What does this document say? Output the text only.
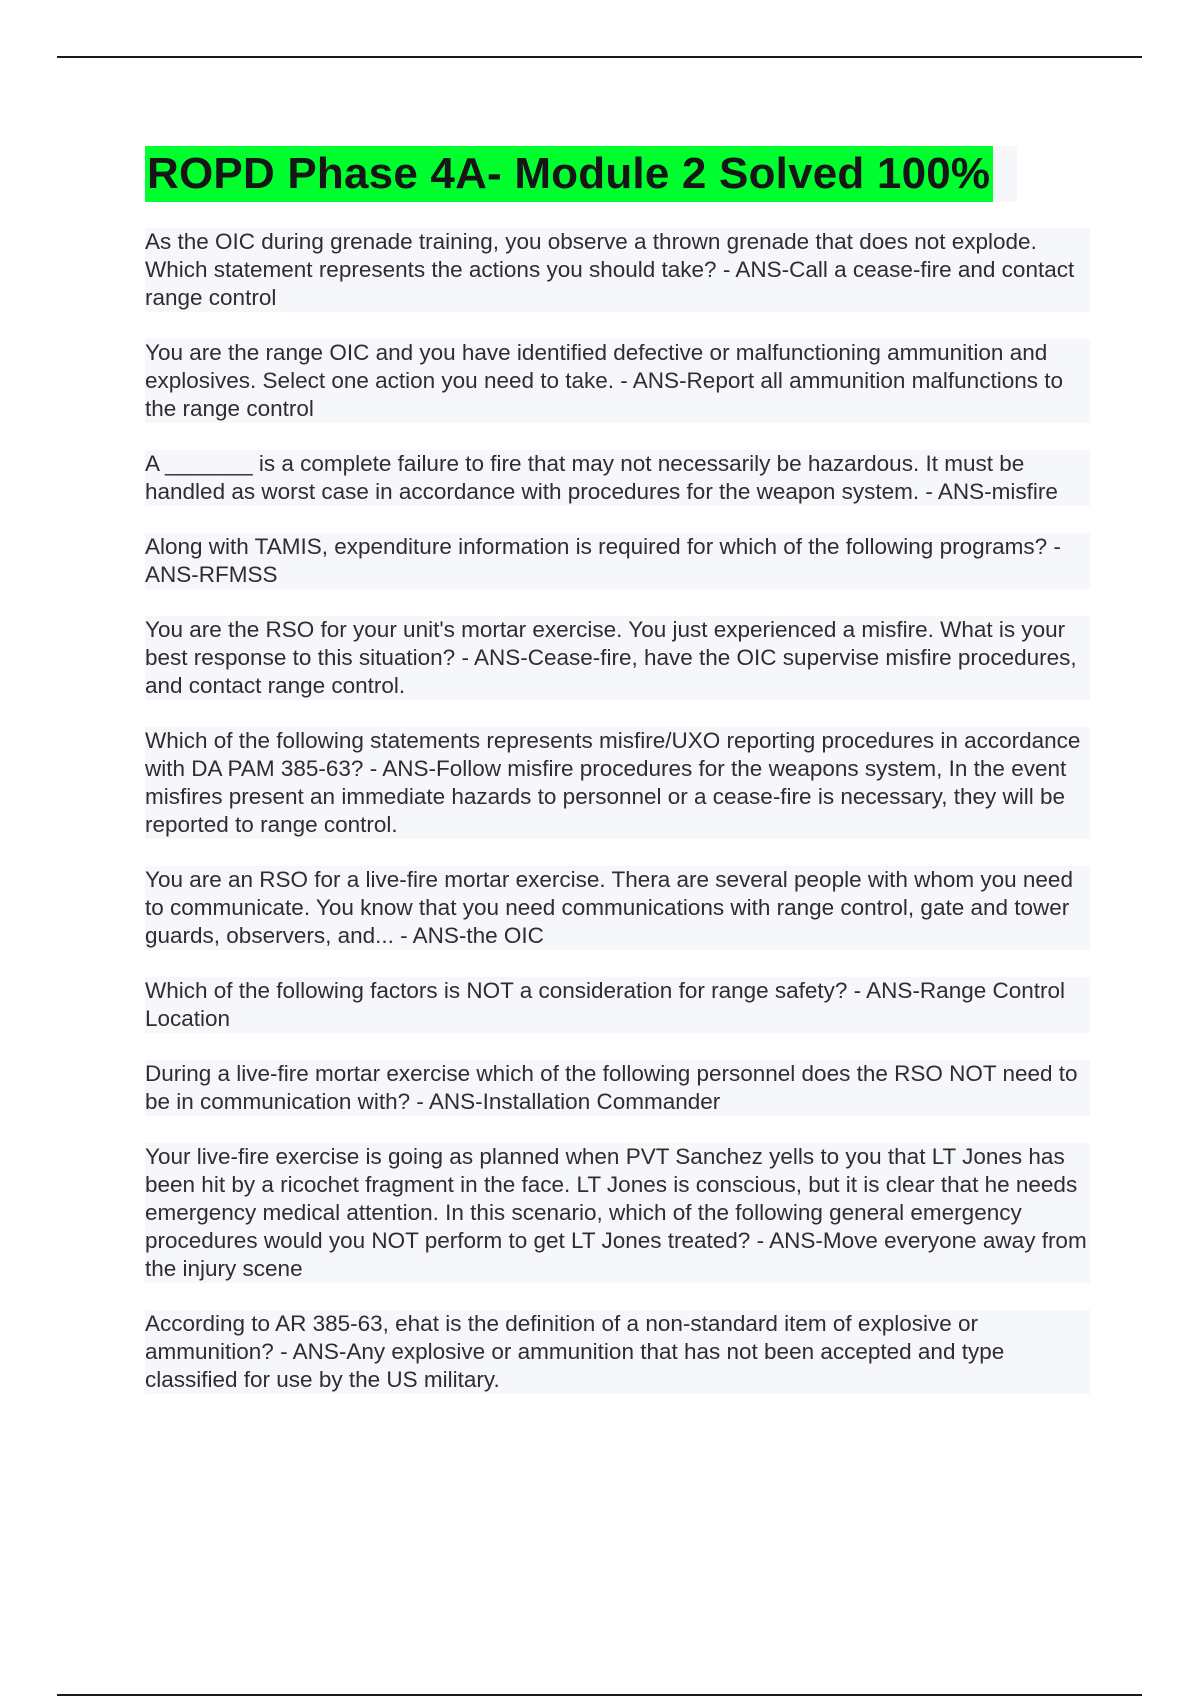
ROPD Phase 4A- Module 2 Solved 100%

As the OIC during grenade training, you observe a thrown grenade that does not explode. Which statement represents the actions you should take? - ANS-Call a cease-fire and contact range control

You are the range OIC and you have identified defective or malfunctioning ammunition and explosives. Select one action you need to take. - ANS-Report all ammunition malfunctions to the range control

A _______ is a complete failure to fire that may not necessarily be hazardous. It must be handled as worst case in accordance with procedures for the weapon system. - ANS-misfire

Along with TAMIS, expenditure information is required for which of the following programs? - ANS-RFMSS

You are the RSO for your unit's mortar exercise. You just experienced a misfire. What is your best response to this situation? - ANS-Cease-fire, have the OIC supervise misfire procedures, and contact range control.

Which of the following statements represents misfire/UXO reporting procedures in accordance with DA PAM 385-63? - ANS-Follow misfire procedures for the weapons system, In the event misfires present an immediate hazards to personnel or a cease-fire is necessary, they will be reported to range control.

You are an RSO for a live-fire mortar exercise. Thera are several people with whom you need to communicate. You know that you need communications with range control, gate and tower guards, observers, and... - ANS-the OIC

Which of the following factors is NOT a consideration for range safety? - ANS-Range Control Location

During a live-fire mortar exercise which of the following personnel does the RSO NOT need to be in communication with? - ANS-Installation Commander

Your live-fire exercise is going as planned when PVT Sanchez yells to you that LT Jones has been hit by a ricochet fragment in the face. LT Jones is conscious, but it is clear that he needs emergency medical attention. In this scenario, which of the following general emergency procedures would you NOT perform to get LT Jones treated? - ANS-Move everyone away from the injury scene

According to AR 385-63, ehat is the definition of a non-standard item of explosive or ammunition? - ANS-Any explosive or ammunition that has not been accepted and type classified for use by the US military.
